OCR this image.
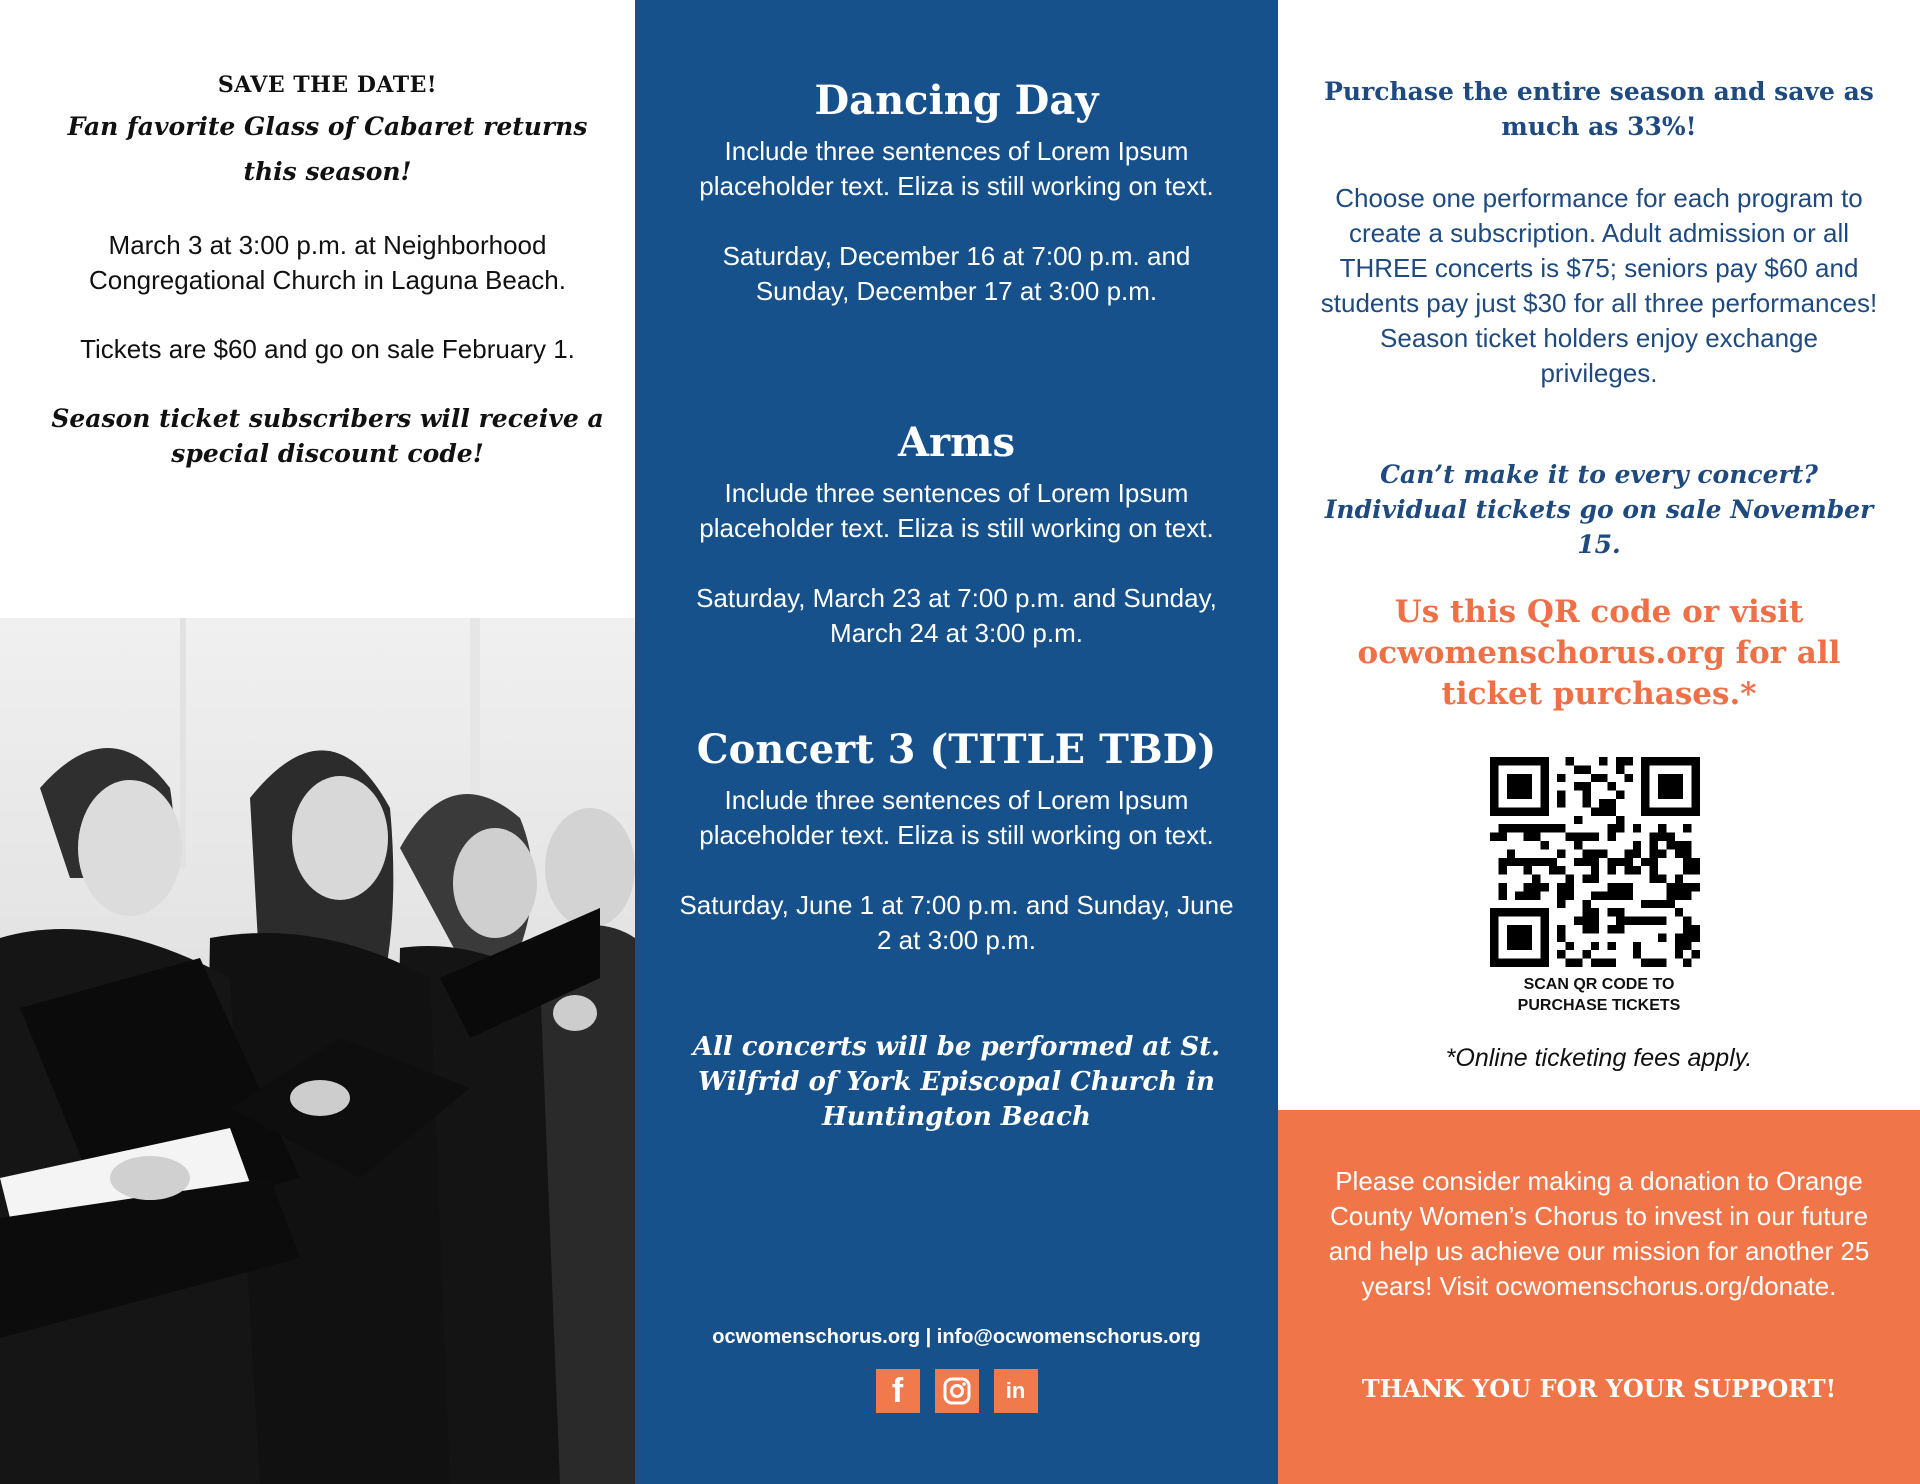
SAVE THE DATE!
Fan favorite Glass of Cabaret returns this season!

March 3 at 3:00 p.m. at Neighborhood Congregational Church in Laguna Beach.

Tickets are $60 and go on sale February 1.

Season ticket subscribers will receive a special discount code!
Dancing Day
Include three sentences of Lorem Ipsum placeholder text. Eliza is still working on text.
Saturday, December 16 at 7:00 p.m. and Sunday, December 17 at 3:00 p.m.
Arms
Include three sentences of Lorem Ipsum placeholder text. Eliza is still working on text.
Saturday, March 23 at 7:00 p.m. and Sunday, March 24 at 3:00 p.m.
Concert 3 (TITLE TBD)
Include three sentences of Lorem Ipsum placeholder text. Eliza is still working on text.
Saturday, June 1 at 7:00 p.m. and Sunday, June 2 at 3:00 p.m.
All concerts will be performed at St. Wilfrid of York Episcopal Church in Huntington Beach
ocwomenschorus.org | info@ocwomenschorus.org
f	in
Purchase the entire season and save as much as 33%!
Choose one performance for each program to create a subscription. Adult admission or all THREE concerts is $75; seniors pay $60 and students pay just $30 for all three performances! Season ticket holders enjoy exchange privileges.
Can’t make it to every concert? Individual tickets go on sale November 15.
Us this QR code or visit ocwomenschorus.org for all ticket purchases.*
SCAN QR CODE TO
PURCHASE TICKETS
*Online ticketing fees apply.
Please consider making a donation to Orange County Women’s Chorus to invest in our future and help us achieve our mission for another 25 years! Visit ocwomenschorus.org/donate.
THANK YOU FOR YOUR SUPPORT!
